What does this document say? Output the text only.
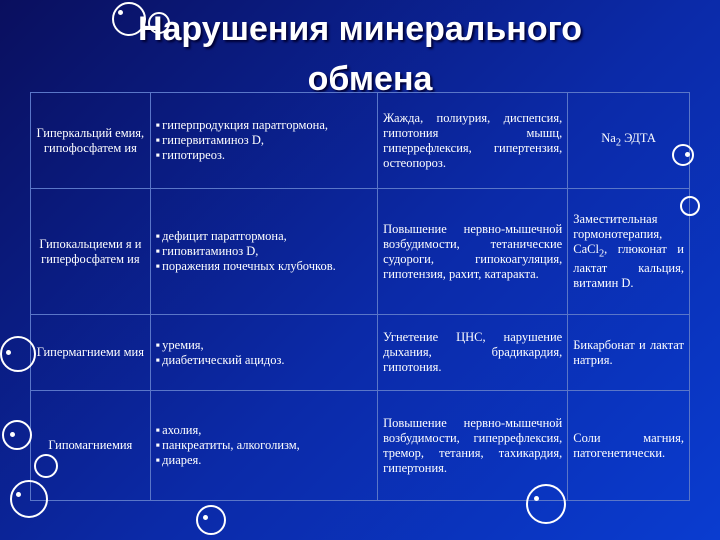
Нарушения минерального
обмена
Гиперкальций емия, гипофосфатем ия	▪ гиперпродукция паратгормона,
▪ гипервитаминоз D,
▪ гипотиреоз.	Жажда, полиурия, диспепсия, гипотония мышц, гиперрефлексия, гипертензия, остеопороз.	$Na_2$ ЭДТА
Гипокальциеми я и гиперфосфатем ия	▪ дефицит паратгормона,
▪ гиповитаминоз D,
▪ поражения почечных клубочков.	Повышение нервно-мышечной возбудимости, тетанические судороги, гипокоагуляция, гипотензия, рахит, катаракта.	Заместительная гормонотерапия, CaCl$_2$, глюконат и лактат кальция, витамин D.
Гипермагниеми мия	▪ уремия,
▪ диабетический ацидоз.	Угнетение ЦНС, нарушение дыхания, брадикардия, гипотония.	Бикарбонат и лактат натрия.
Гипомагниемия	▪ ахолия,
▪ панкреатиты, алкоголизм,
▪ диарея.	Повышение нервно-мышечной возбудимости, гиперрефлексия, тремор, тетания, тахикардия, гипертония.	Соли магния, патогенетически.
